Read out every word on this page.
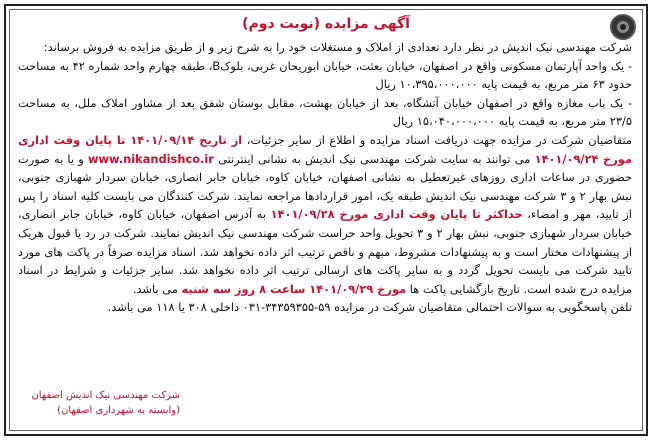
آگهی مزایده (نوبت دوم)

شرکت مهندسی نیک اندیش در نظر دارد تعدادی از املاک و مستغلات خود را به شرح زیر و از طریق مزایده به فروش برساند:

- یک واحد آپارتمان مسکونی واقع در اصفهان، خیابان بعثت، خیابان ابوریحان غربی، بلوکB، طبقه چهارم واحد شماره ۴۲ به مساحت حدود ۶۳ متر مربع، به قیمت پایه ۱۰،۳۹۵،۰۰۰،۰۰۰ ریال

- یک باب مغازه واقع در اصفهان خیابان آتشگاه، بعد از خیابان بهشت، مقابل بوستان شفق بعد از مشاور املاک ملل، به مساحت ۲۳/۵ متر مربع، به قیمت پایه ۱۵،۰۴۰،۰۰۰،۰۰۰ ریال

متقاضیان شرکت در مزایده جهت دریافت اسناد مزایده و اطلاع از سایر جزئیات، از تاریخ ۱۴۰۱/۰۹/۱۴ تا پایان وقت اداری مورخ ۱۴۰۱/۰۹/۲۴ می توانند به سایت شرکت مهندسی نیک اندیش به نشانی اینترنتی www.nikandishco.ir و یا به صورت حضوری در ساعات اداری روزهای غیرتعطیل به نشانی اصفهان، خیابان کاوه، خیابان جابر انصاری، خیابان سردار شهبازی جنوبی، نبش بهار ۲ و ۳ شرکت مهندسی نیک اندیش طبقه یک، امور قراردادها مراجعه نمایند. شرکت کنندگان می بایست کلیه اسناد را پس از تایید، مهر و امضاء، حداکثر تا پایان وقت اداری مورخ ۱۴۰۱/۰۹/۲۸ به آدرس اصفهان، خیابان کاوه، خیابان جابر انصاری، خیابان سردار شهبازی جنوبی، نبش بهار ۲ و ۳ تحویل واحد حراست شرکت مهندسی نیک اندیش نمایند. شرکت در رد یا قبول هریک از پیشنهادات مختار است و به پیشنهادات مشروط، مبهم و ناقص ترتیب اثر داده نخواهد شد. اسناد مزایده صرفاً در پاکت های مورد تایید شرکت می بایست تحویل گردد و به سایر پاکت های ارسالی ترتیب اثر داده نخواهد شد. سایر جزئیات و شرایط در اسناد مزایده درج شده است. تاریخ بازگشایی پاکت ها مورخ ۱۴۰۱/۰۹/۲۹ ساعت ۸ روز سه شنبه می باشد.

تلفن پاسخگویی به سوالات احتمالی متقاضیان شرکت در مزایده ۵۹-۳۴۳۵۹۳۵۵-۰۳۱ داخلی ۳۰۸ یا ۱۱۸ می باشد.

شرکت مهندسی نیک اندیش اصفهان
(وابسته به شهرداری اصفهان)
